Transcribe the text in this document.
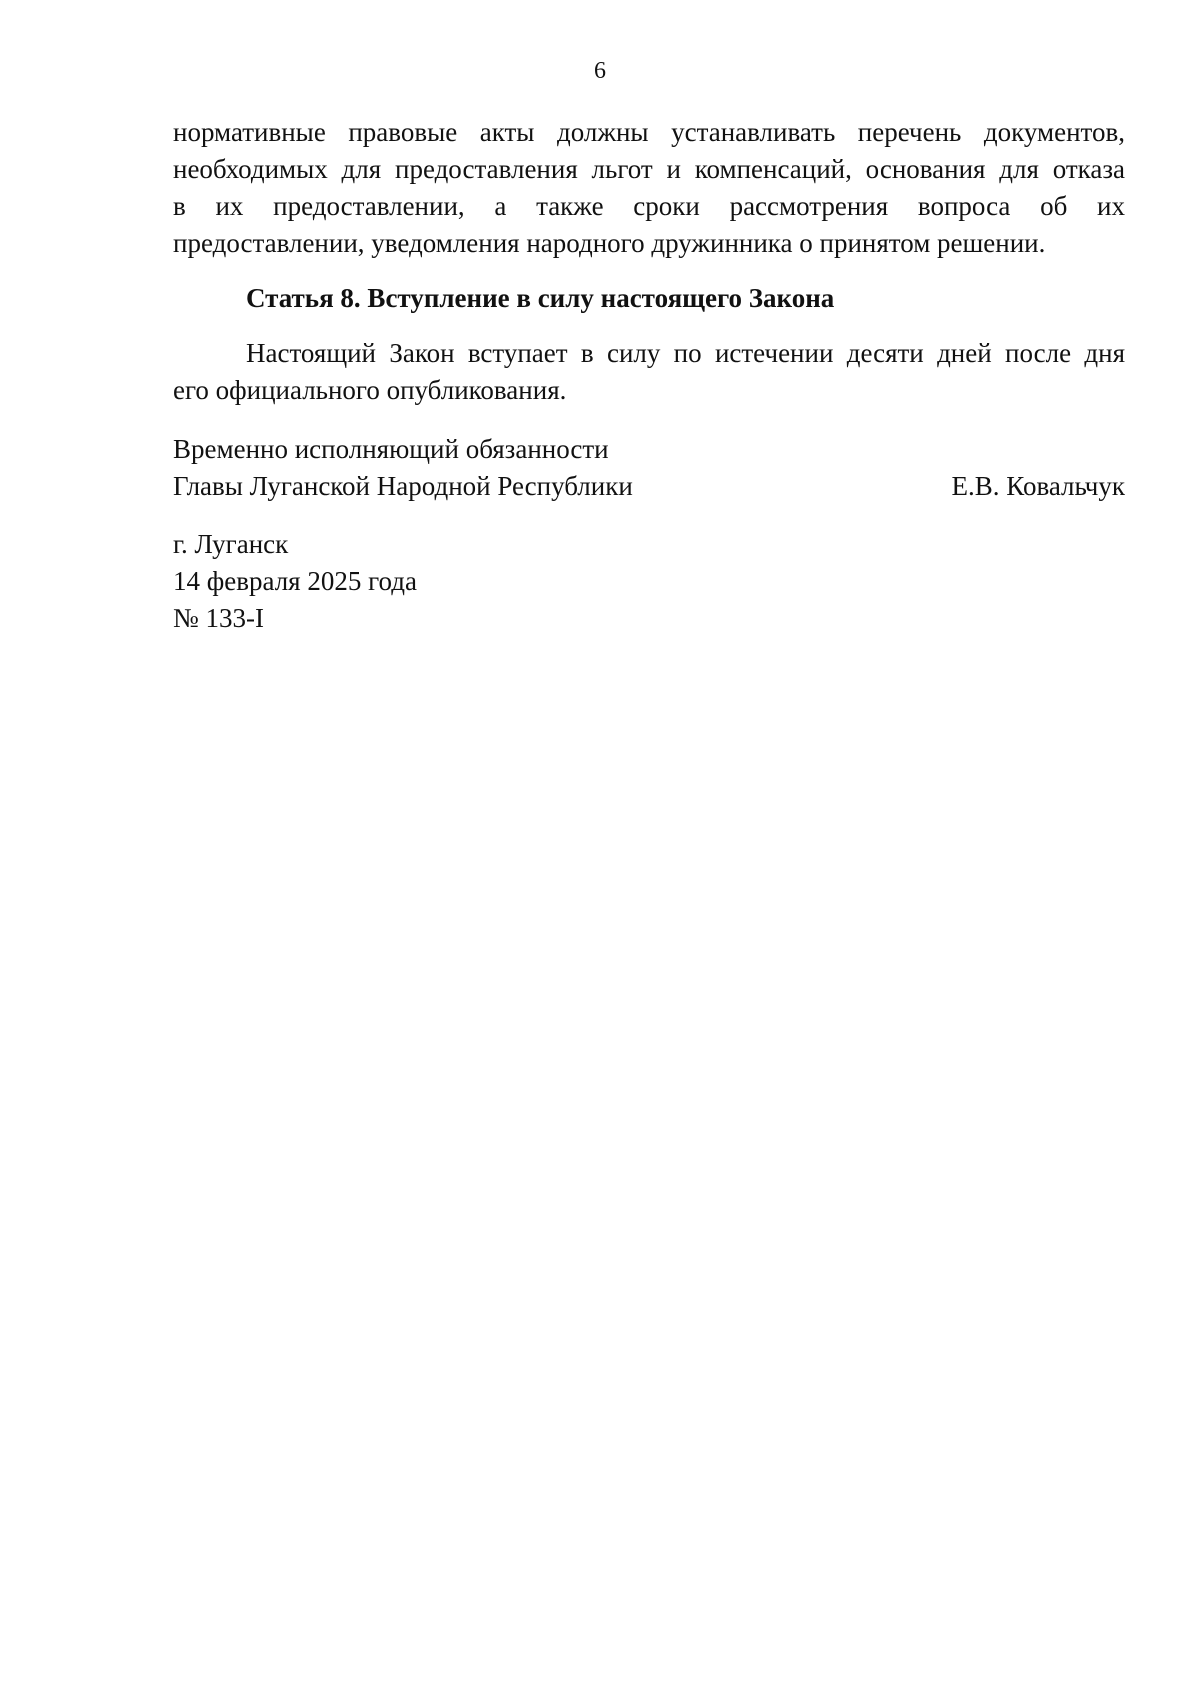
6

нормативные правовые акты должны устанавливать перечень документов,
необходимых для предоставления льгот и компенсаций, основания для отказа
в их предоставлении, а также сроки рассмотрения вопроса об их
предоставлении, уведомления народного дружинника о принятом решении.

Статья 8. Вступление в силу настоящего Закона

Настоящий Закон вступает в силу по истечении десяти дней после дня
его официального опубликования.

Временно исполняющий обязанности
Главы Луганской Народной Республики	Е.В. Ковальчук
г. Луганск
14 февраля 2025 года
№ 133-I
